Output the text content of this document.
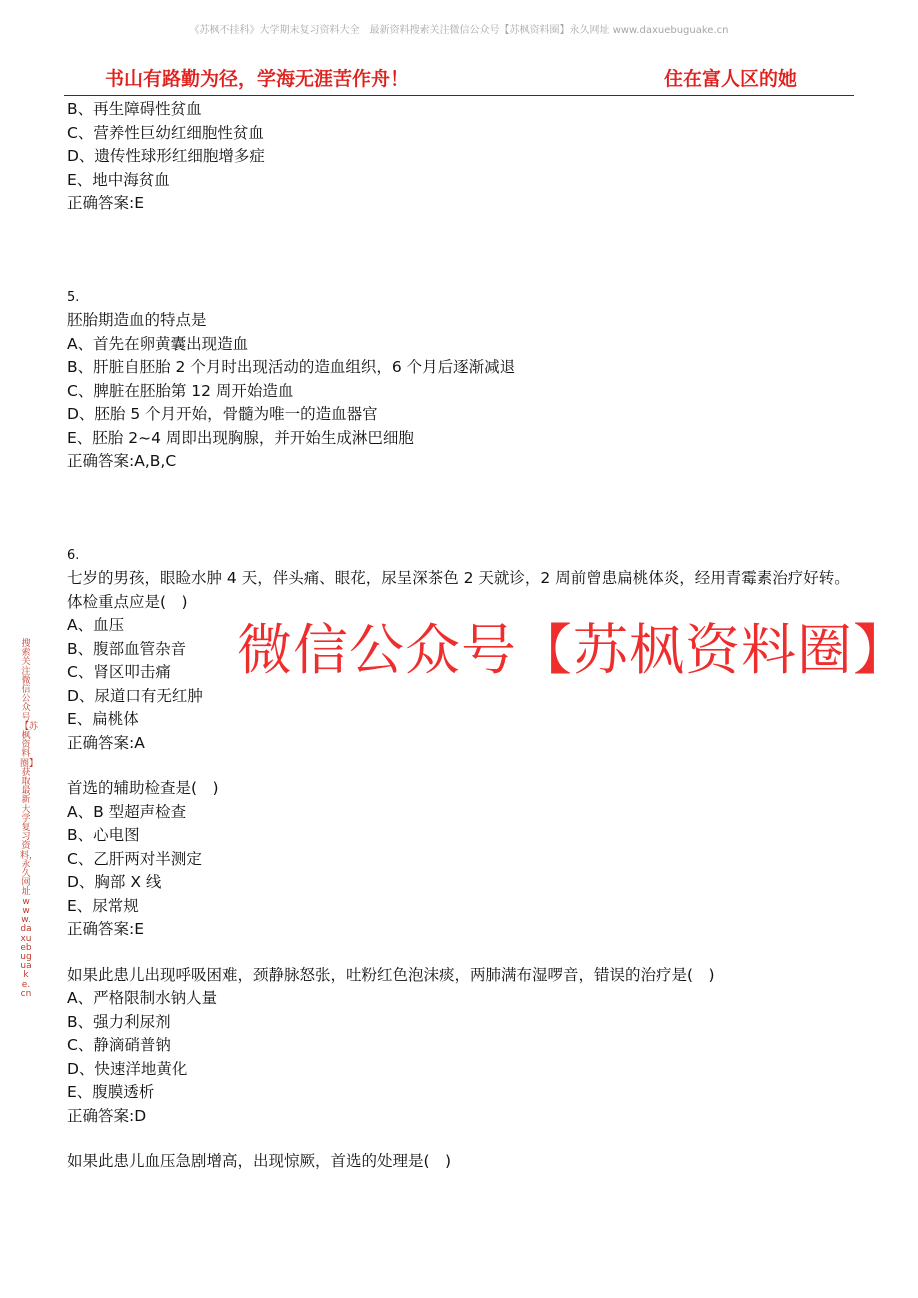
《苏枫不挂科》大学期末复习资料大全　最新资料搜索关注微信公众号【苏枫资料圈】永久网址 www.daxuebuguake.cn
书山有路勤为径，学海无涯苦作舟！	住在富人区的她
搜索关注微信公众号【苏枫资料圈】获取最新大学复习资料，永久网址 www.daxuebuguake.cn
B、再生障碍性贫血
C、营养性巨幼红细胞性贫血
D、遗传性球形红细胞增多症
E、地中海贫血
正确答案:E
5.
胚胎期造血的特点是
A、首先在卵黄囊出现造血
B、肝脏自胚胎 2 个月时出现活动的造血组织，6 个月后逐渐减退
C、脾脏在胚胎第 12 周开始造血
D、胚胎 5 个月开始，骨髓为唯一的造血器官
E、胚胎 2~4 周即出现胸腺，并开始生成淋巴细胞
正确答案:A,B,C
6.
七岁的男孩，眼睑水肿 4 天，伴头痛、眼花，尿呈深茶色 2 天就诊，2 周前曾患扁桃体炎，经用青霉素治疗好转。
体检重点应是(　)
A、血压
B、腹部血管杂音
C、肾区叩击痛
D、尿道口有无红肿
E、扁桃体
正确答案:A
首选的辅助检查是(　)
A、B 型超声检查
B、心电图
C、乙肝两对半测定
D、胸部 X 线
E、尿常规
正确答案:E
如果此患儿出现呼吸困难，颈静脉怒张，吐粉红色泡沫痰，两肺满布湿啰音，错误的治疗是(　)
A、严格限制水钠人量
B、强力利尿剂
C、静滴硝普钠
D、快速洋地黄化
E、腹膜透析
正确答案:D
如果此患儿血压急剧增高，出现惊厥，首选的处理是(　)
微信公众号【苏枫资料圈】
